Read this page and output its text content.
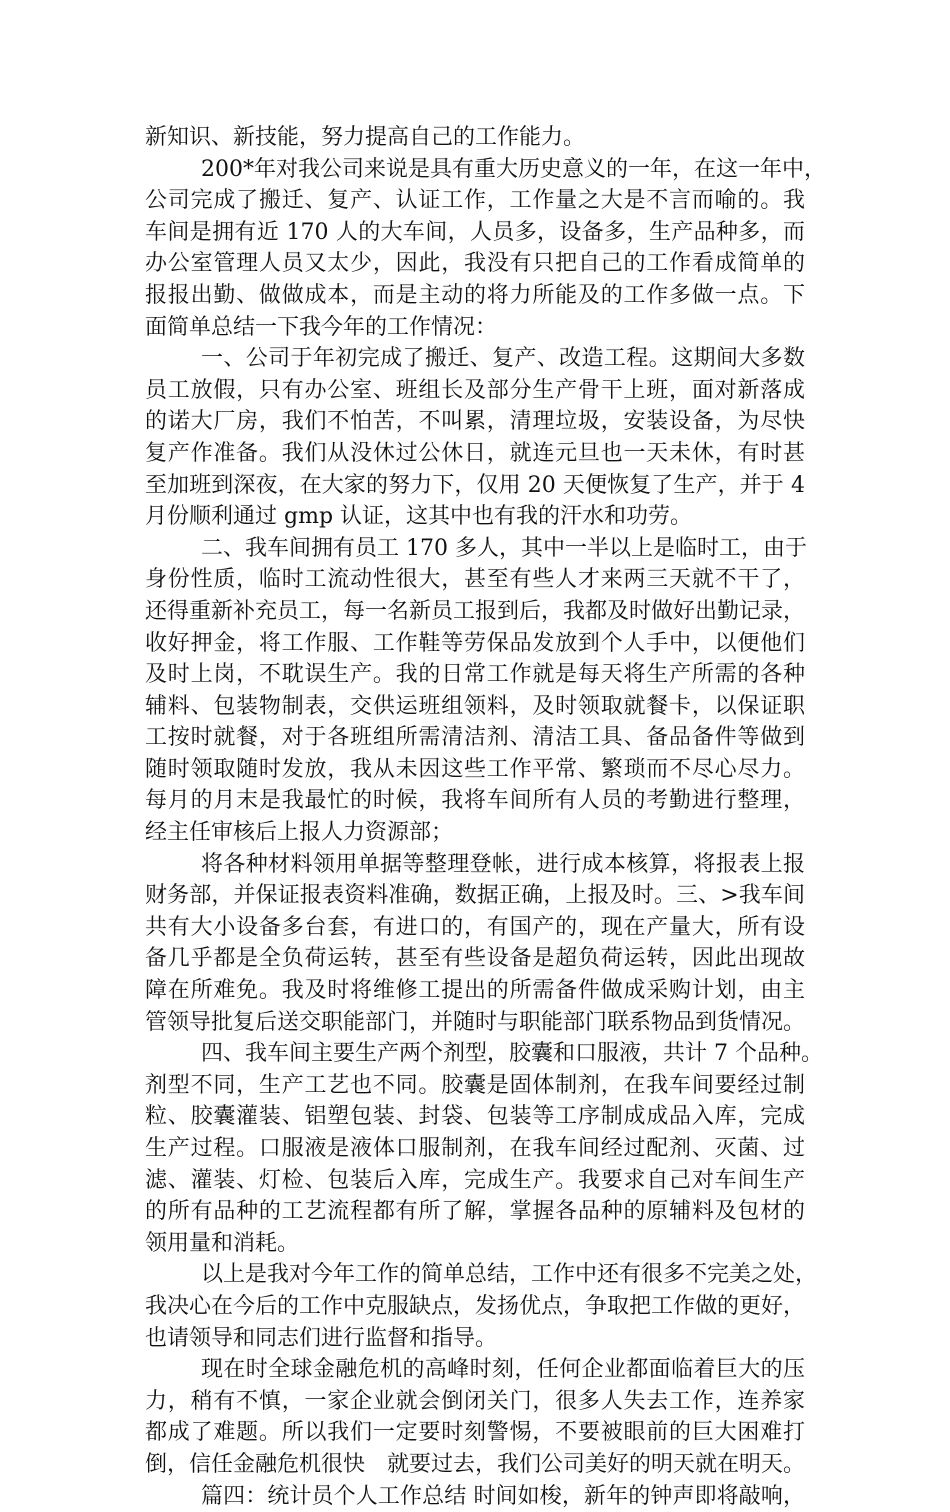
新知识、新技能，努力提高自己的工作能力。
200*年对我公司来说是具有重大历史意义的一年，在这一年中，
公司完成了搬迁、复产、认证工作，工作量之大是不言而喻的。我
车间是拥有近 170 人的大车间，人员多，设备多，生产品种多，而
办公室管理人员又太少，因此，我没有只把自己的工作看成简单的
报报出勤、做做成本，而是主动的将力所能及的工作多做一点。下
面简单总结一下我今年的工作情况：
一、公司于年初完成了搬迁、复产、改造工程。这期间大多数
员工放假，只有办公室、班组长及部分生产骨干上班，面对新落成
的诺大厂房，我们不怕苦，不叫累，清理垃圾，安装设备，为尽快
复产作准备。我们从没休过公休日，就连元旦也一天未休，有时甚
至加班到深夜，在大家的努力下，仅用 20 天便恢复了生产，并于 4
月份顺利通过 gmp 认证，这其中也有我的汗水和功劳。
二、我车间拥有员工 170 多人，其中一半以上是临时工，由于
身份性质，临时工流动性很大，甚至有些人才来两三天就不干了，
还得重新补充员工，每一名新员工报到后，我都及时做好出勤记录，
收好押金，将工作服、工作鞋等劳保品发放到个人手中，以便他们
及时上岗，不耽误生产。我的日常工作就是每天将生产所需的各种
辅料、包装物制表，交供运班组领料，及时领取就餐卡，以保证职
工按时就餐，对于各班组所需清洁剂、清洁工具、备品备件等做到
随时领取随时发放，我从未因这些工作平常、繁琐而不尽心尽力。
每月的月末是我最忙的时候，我将车间所有人员的考勤进行整理，
经主任审核后上报人力资源部；
将各种材料领用单据等整理登帐，进行成本核算，将报表上报
财务部，并保证报表资料准确，数据正确，上报及时。三、>我车间
共有大小设备多台套，有进口的，有国产的，现在产量大，所有设
备几乎都是全负荷运转，甚至有些设备是超负荷运转，因此出现故
障在所难免。我及时将维修工提出的所需备件做成采购计划，由主
管领导批复后送交职能部门，并随时与职能部门联系物品到货情况。
四、我车间主要生产两个剂型，胶囊和口服液，共计 7 个品种。
剂型不同，生产工艺也不同。胶囊是固体制剂，在我车间要经过制
粒、胶囊灌装、铝塑包装、封袋、包装等工序制成成品入库，完成
生产过程。口服液是液体口服制剂，在我车间经过配剂、灭菌、过
滤、灌装、灯检、包装后入库，完成生产。我要求自己对车间生产
的所有品种的工艺流程都有所了解，掌握各品种的原辅料及包材的
领用量和消耗。
以上是我对今年工作的简单总结，工作中还有很多不完美之处，
我决心在今后的工作中克服缺点，发扬优点，争取把工作做的更好，
也请领导和同志们进行监督和指导。
现在时全球金融危机的高峰时刻，任何企业都面临着巨大的压
力，稍有不慎，一家企业就会倒闭关门，很多人失去工作，连养家
都成了难题。所以我们一定要时刻警惕，不要被眼前的巨大困难打
倒，信任金融危机很快　就要过去，我们公司美好的明天就在明天。
篇四：统计员个人工作总结 时间如梭，新年的钟声即将敲响，
